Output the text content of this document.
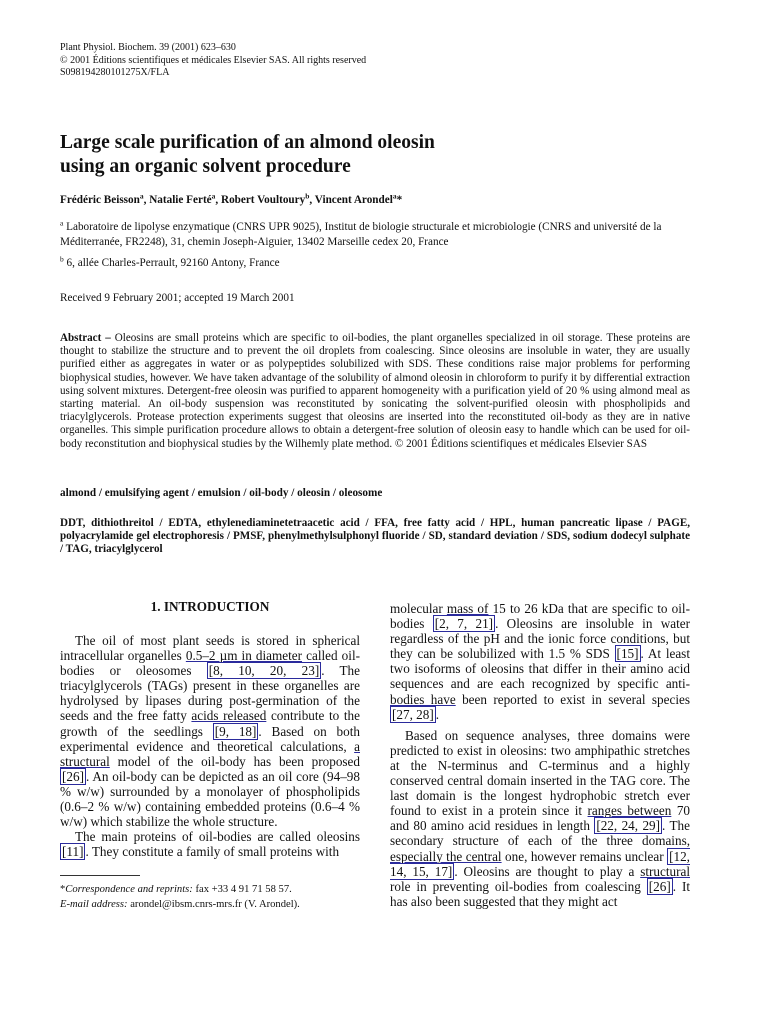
Plant Physiol. Biochem. 39 (2001) 623–630
© 2001 Éditions scientifiques et médicales Elsevier SAS. All rights reserved
S098194280101275X/FLA
Large scale purification of an almond oleosin
using an organic solvent procedure
Frédéric Beisson$^a$, Natalie Ferté$^a$, Robert Voultoury$^b$, Vincent Arondel$^a$*
$^a$ Laboratoire de lipolyse enzymatique (CNRS UPR 9025), Institut de biologie structurale et microbiologie (CNRS and université de la Méditerranée, FR2248), 31, chemin Joseph-Aiguier, 13402 Marseille cedex 20, France
$^b$ 6, allée Charles-Perrault, 92160 Antony, France
Received 9 February 2001; accepted 19 March 2001
Abstract – Oleosins are small proteins which are specific to oil-bodies, the plant organelles specialized in oil storage. These proteins are thought to stabilize the structure and to prevent the oil droplets from coalescing. Since oleosins are insoluble in water, they are usually purified either as aggregates in water or as polypeptides solubilized with SDS. These conditions raise major problems for performing biophysical studies, however. We have taken advantage of the solubility of almond oleosin in chloroform to purify it by differential extraction using solvent mixtures. Detergent-free oleosin was purified to apparent homogeneity with a purification yield of 20 % using almond meal as starting material. An oil-body suspension was reconstituted by sonicating the solvent-purified oleosin with phospholipids and triacylglycerols. Protease protection experiments suggest that oleosins are inserted into the reconstituted oil-body as they are in native organelles. This simple purification procedure allows to obtain a detergent-free solution of oleosin easy to handle which can be used for oil-body reconstitution and biophysical studies by the Wilhemly plate method. © 2001 Éditions scientifiques et médicales Elsevier SAS
almond / emulsifying agent / emulsion / oil-body / oleosin / oleosome
DDT, dithiothreitol / EDTA, ethylenediaminetetraacetic acid / FFA, free fatty acid / HPL, human pancreatic lipase / PAGE, polyacrylamide gel electrophoresis / PMSF, phenylmethylsulphonyl fluoride / SD, standard deviation / SDS, sodium dodecyl sulphate / TAG, triacylglycerol
1. INTRODUCTION

The oil of most plant seeds is stored in spherical intracellular organelles 0.5–2 µm in diameter called oil-bodies or oleosomes [8, 10, 20, 23] . The triacylglycerols (TAGs) present in these organelles are hydrolysed by lipases during post-germination of the seeds and the free fatty acids released contribute to the growth of the seedlings [9, 18] . Based on both experimental evidence and theoretical calculations, a structural model of the oil-body has been proposed [26] . An oil-body can be depicted as an oil core (94–98 % w/w) surrounded by a monolayer of phospholipids (0.6–2 % w/w) containing embedded proteins (0.6–4 % w/w) which stabilize the whole structure.

The main proteins of oil-bodies are called oleosins [11] . They constitute a family of small proteins with

*Correspondence and reprints: fax +33 4 91 71 58 57.
E-mail address: arondel@ibsm.cnrs-mrs.fr (V. Arondel).

molecular mass of 15 to 26 kDa that are specific to oil-bodies [2, 7, 21] . Oleosins are insoluble in water regardless of the pH and the ionic force conditions, but they can be solubilized with 1.5 % SDS [15] . At least two isoforms of oleosins that differ in their amino acid sequences and are each recognized by specific anti-bodies have been reported to exist in several species [27, 28] .

Based on sequence analyses, three domains were predicted to exist in oleosins: two amphipathic stretches at the N-terminus and C-terminus and a highly conserved central domain inserted in the TAG core. The last domain is the longest hydrophobic stretch ever found to exist in a protein since it ranges between 70 and 80 amino acid residues in length [22, 24, 29] . The secondary structure of each of the three domains, especially the central one, however remains unclear [12, 14, 15, 17] . Oleosins are thought to play a structural role in preventing oil-bodies from coalescing [26] . It has also been suggested that they might act
